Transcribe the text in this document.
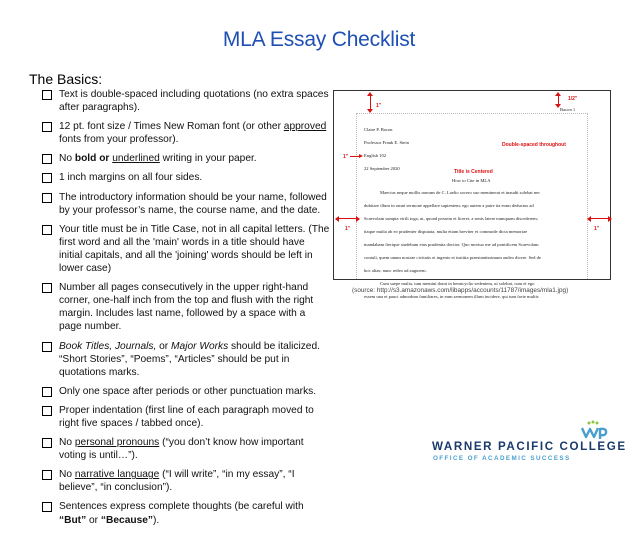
MLA Essay Checklist
The Basics:
Text is double-spaced including quotations (no extra spaces after paragraphs).
12 pt. font size / Times New Roman font (or other approved fonts from your professor).
No bold or underlined writing in your paper.
1 inch margins on all four sides.
The introductory information should be your name, followed by your professor’s name, the course name, and the date.
Your title must be in Title Case, not in all capital letters. (The first word and all the 'main' words in a title should have initial capitals, and all the 'joining' words should be left in lower case)
Number all pages consecutively in the upper right-hand corner, one-half inch from the top and flush with the right margin. Includes last name, followed by a space with a page number.
Book Titles, Journals, or Major Works should be italicized. “Short Stories”, “Poems”, “Articles” should be put in quotations marks.
Only one space after periods or other punctuation marks.
Proper indentation (first line of each paragraph moved to right five spaces / tabbed once).
No personal pronouns (“you don’t know how important voting is until…”).
No narrative language (“I will write”, “in my essay”, “I believe”, “in conclusion”).
Sentences express complete thoughts (be careful with “But” or “Because”).
1"
1/2"
Bacon 1
Claire P. Bacon
Professor Frank E. Stein
English 102
22 September 2020
1"
Double-spaced throughout
Title is Centered
How to Cite in MLA
Maecius neque mollis narrans de C. Laelio socero suo meminerat et inaudit solebat nec
dubitare illum in omni sermone appellare sapientem; ego autem a patre ita eram deductus ad
Scaevolam sumpta virili toga, ut, quoad possem et liceret, a senis latere numquam discederem;
itaque multa ab eo prudenter disputata, multa etiam breviter et commode dicta memoriae
mandabam fierique studebam eius prudentia doctior. Quo mortuo me ad pontificem Scaevolam
contuli, quem unum nostrae civitatis et ingenio et iustitia praestantissimum audeo dicere. Sed de
hoc alias; nunc redeo ad augurem.
Cum saepe multa, tum memini domi in hemicyclio sedentem, ut solebat, cum et ego
essem una et pauci admodum familiares, in eum sermonem illum incidere, qui tum forte multis
1"	1"
(source: http://s3.amazonaws.com/libapps/accounts/11787/images/mla1.jpg)
WARNER PACIFIC COLLEGE
OFFICE OF ACADEMIC SUCCESS
